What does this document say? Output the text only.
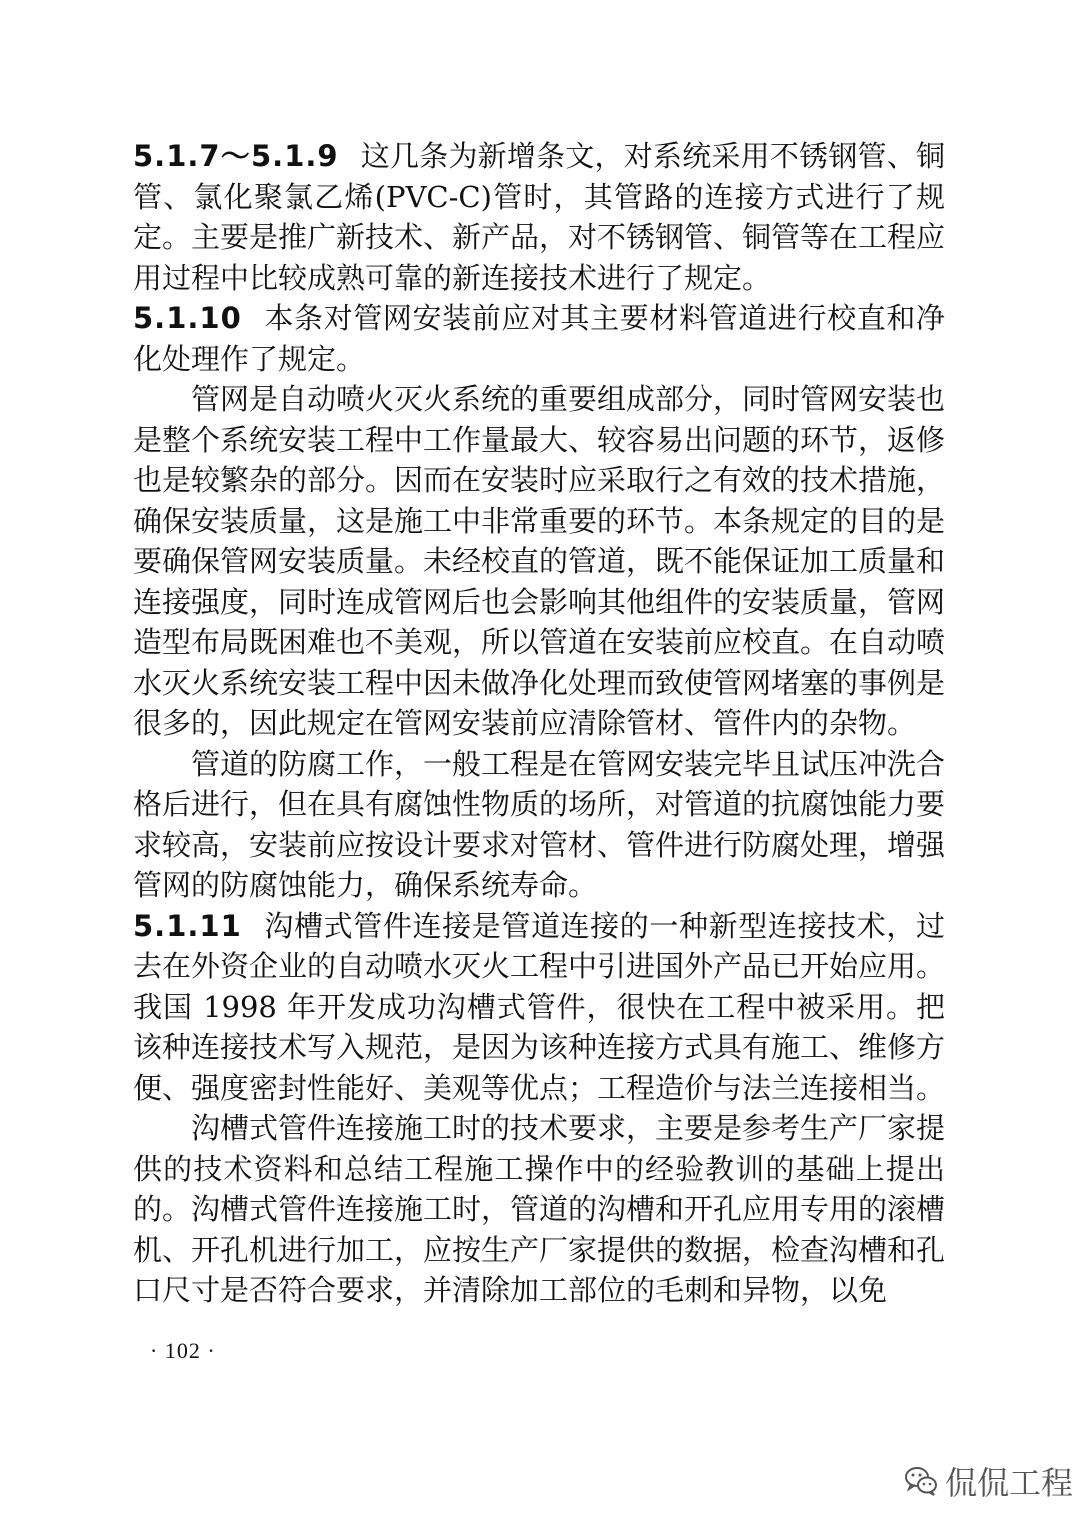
5.1.7～5.1.9 这几条为新增条文，对系统采用不锈钢管、铜管、氯化聚氯乙烯(PVC-C)管时，其管路的连接方式进行了规定。主要是推广新技术、新产品，对不锈钢管、铜管等在工程应用过程中比较成熟可靠的新连接技术进行了规定。

5.1.10 本条对管网安装前应对其主要材料管道进行校直和净化处理作了规定。

管网是自动喷火灭火系统的重要组成部分，同时管网安装也是整个系统安装工程中工作量最大、较容易出问题的环节，返修也是较繁杂的部分。因而在安装时应采取行之有效的技术措施，确保安装质量，这是施工中非常重要的环节。本条规定的目的是要确保管网安装质量。未经校直的管道，既不能保证加工质量和连接强度，同时连成管网后也会影响其他组件的安装质量，管网造型布局既困难也不美观，所以管道在安装前应校直。在自动喷水灭火系统安装工程中因未做净化处理而致使管网堵塞的事例是很多的，因此规定在管网安装前应清除管材、管件内的杂物。

管道的防腐工作，一般工程是在管网安装完毕且试压冲洗合格后进行，但在具有腐蚀性物质的场所，对管道的抗腐蚀能力要求较高，安装前应按设计要求对管材、管件进行防腐处理，增强管网的防腐蚀能力，确保系统寿命。

5.1.11 沟槽式管件连接是管道连接的一种新型连接技术，过去在外资企业的自动喷水灭火工程中引进国外产品已开始应用。我国 1998 年开发成功沟槽式管件，很快在工程中被采用。把该种连接技术写入规范，是因为该种连接方式具有施工、维修方便、强度密封性能好、美观等优点；工程造价与法兰连接相当。

沟槽式管件连接施工时的技术要求，主要是参考生产厂家提供的技术资料和总结工程施工操作中的经验教训的基础上提出的。沟槽式管件连接施工时，管道的沟槽和开孔应用专用的滚槽机、开孔机进行加工，应按生产厂家提供的数据，检查沟槽和孔口尺寸是否符合要求，并清除加工部位的毛刺和异物，以免

· 102 ·
侃侃工程
